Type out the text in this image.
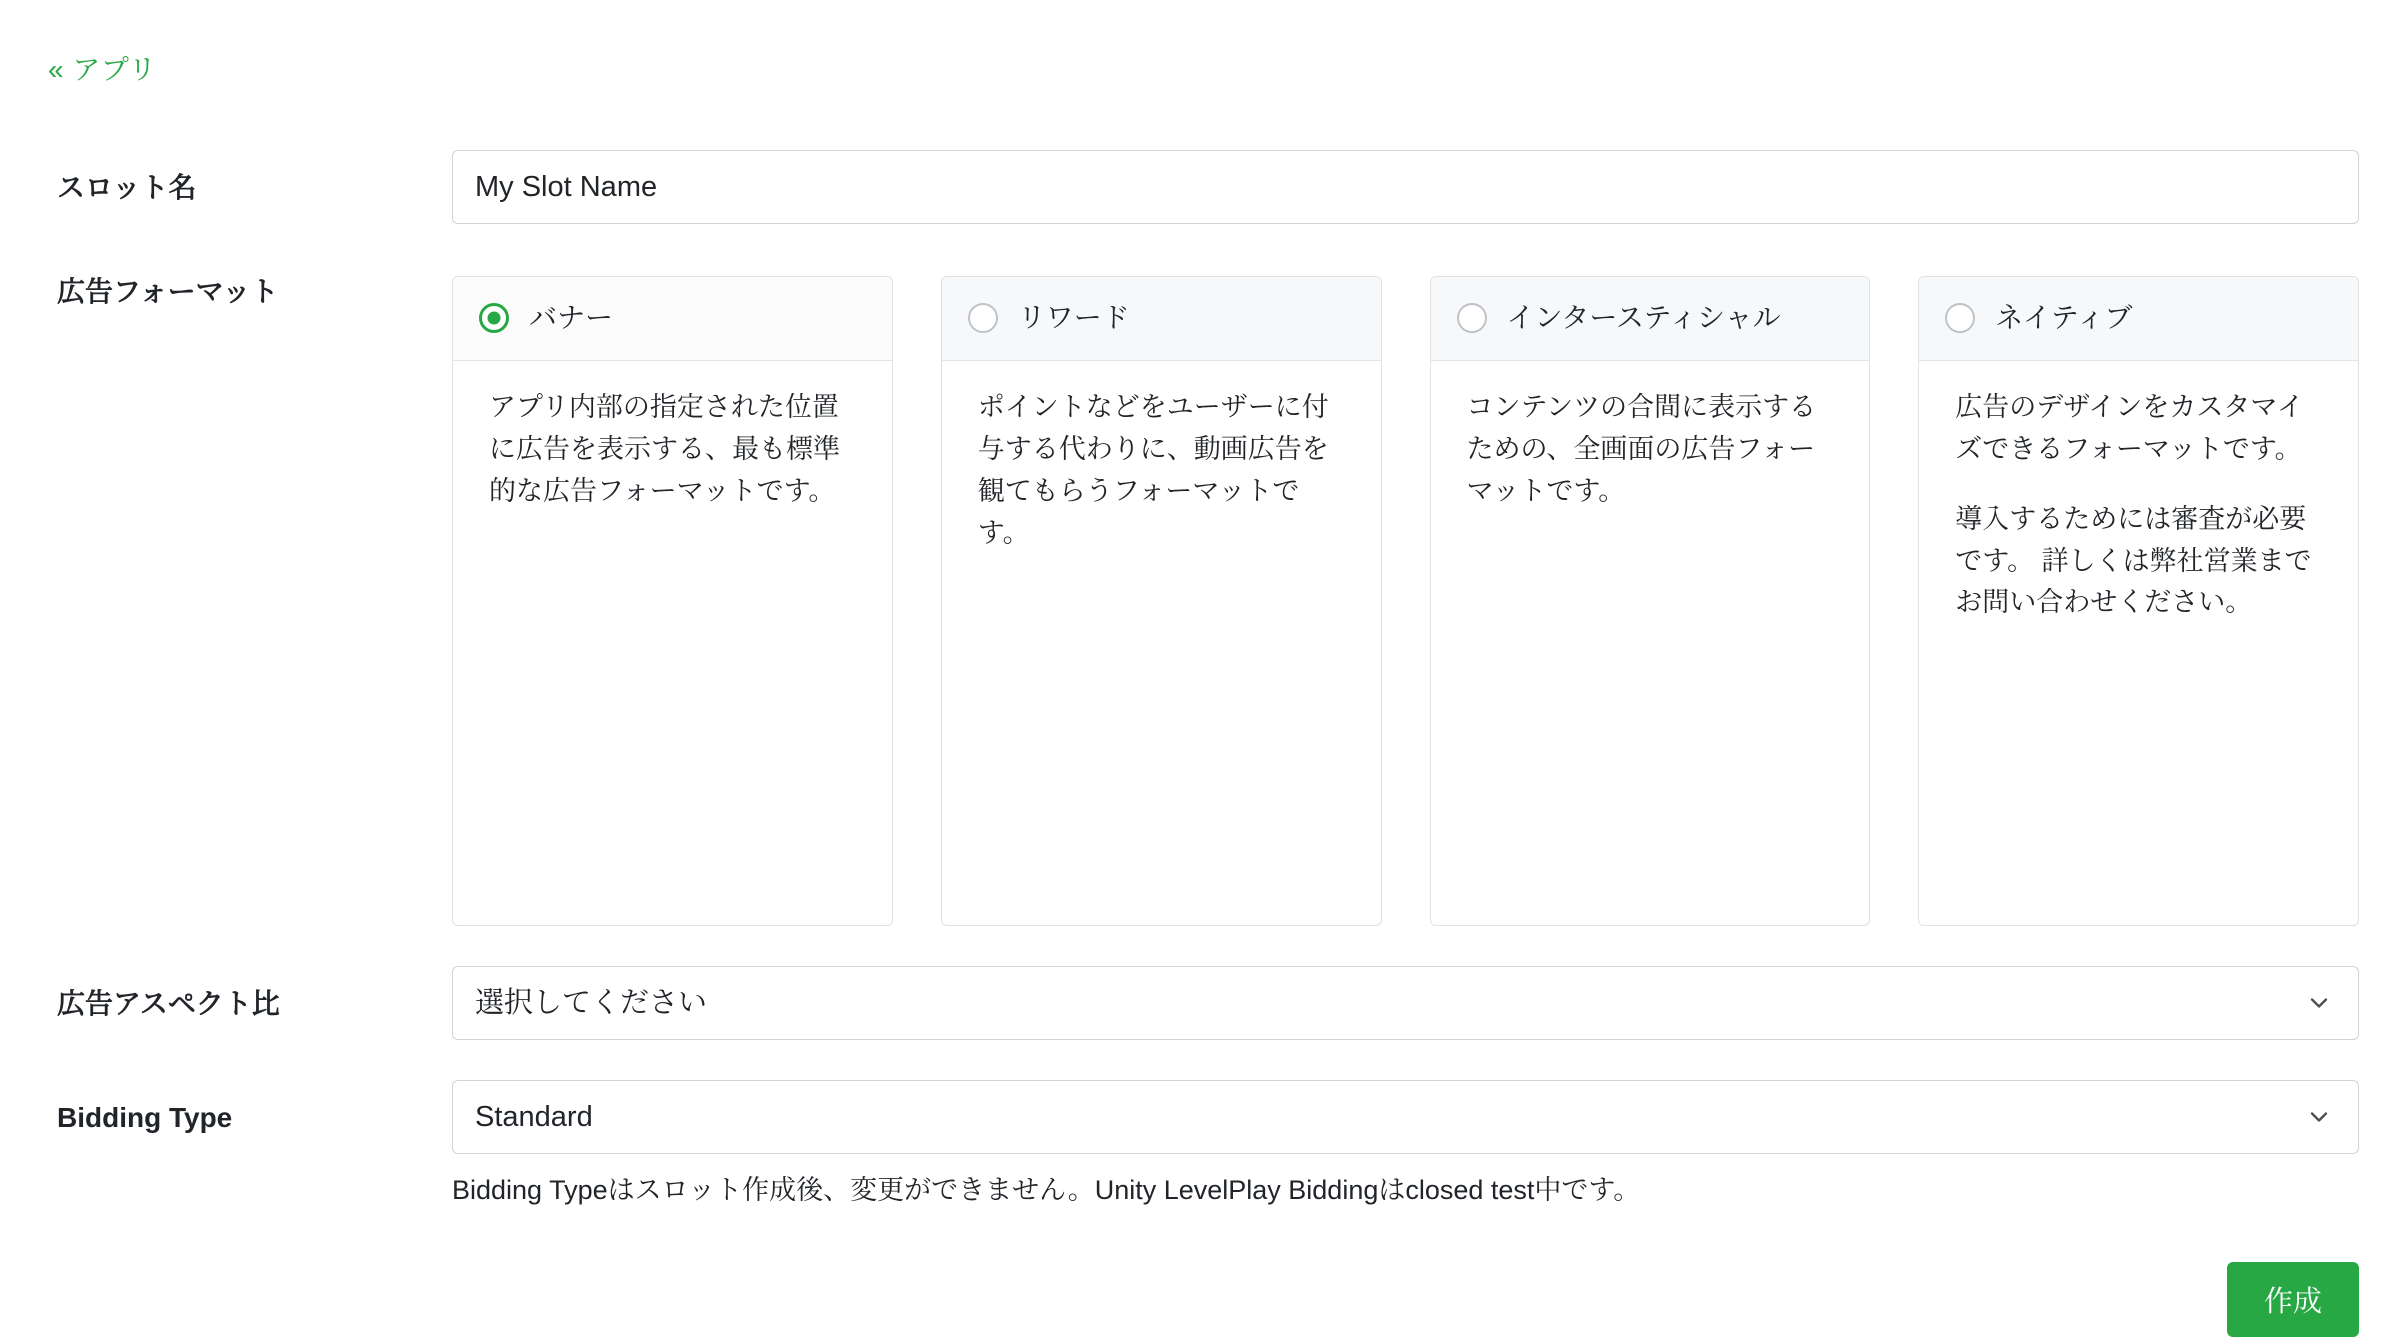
« アプリ
スロット名
My Slot Name
広告フォーマット
バナー

アプリ内部の指定された位置に広告を表示する、最も標準的な広告フォーマットです。

リワード

ポイントなどをユーザーに付与する代わりに、動画広告を観てもらうフォーマットです。

インタースティシャル

コンテンツの合間に表示するための、全画面の広告フォーマットです。

ネイティブ

広告のデザインをカスタマイズできるフォーマットです。

導入するためには審査が必要です。 詳しくは弊社営業までお問い合わせください。

広告アスペクト比
選択してください
Bidding Type
Standard
Bidding Typeはスロット作成後、変更ができません。Unity LevelPlay Biddingはclosed test中です。
作成
